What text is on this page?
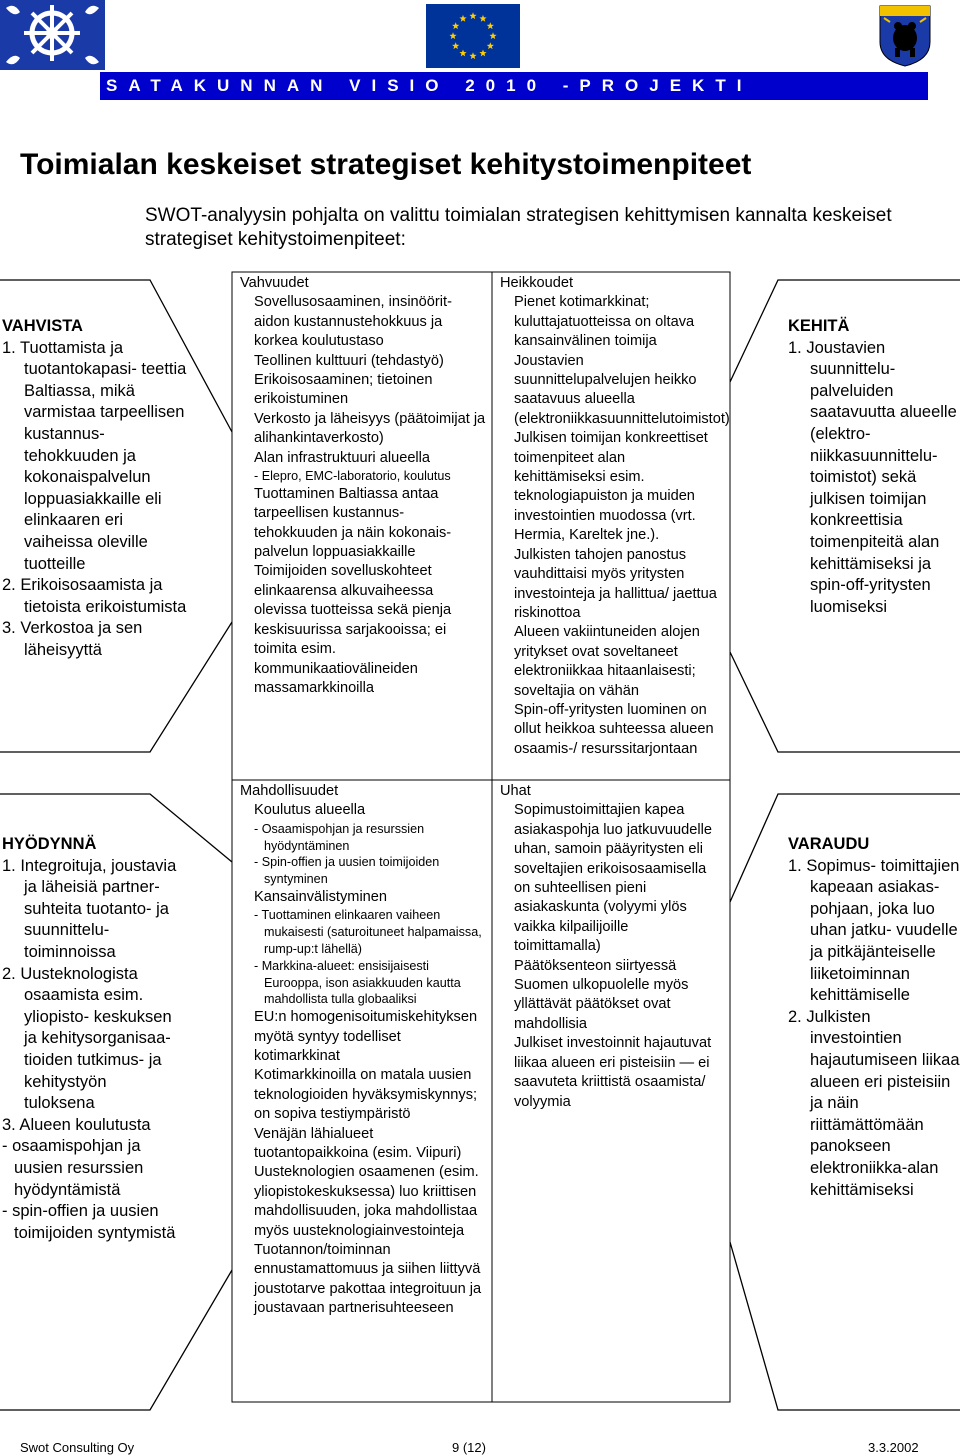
SATAKUNNAN VISIO 2010 -PROJEKTI
Toimialan keskeiset strategiset kehitystoimenpiteet
SWOT-analyysin pohjalta on valittu toimialan strategisen kehittymisen kannalta keskeiset strategiset kehitystoimenpiteet:
VAHVISTA
1. Tuottamista ja tuotantokapasi- teettia Baltiassa, mikä varmistaa tarpeellisen kustannus- tehokkuuden ja kokonaispalvelun loppuasiakkaille eli elinkaaren eri vaiheissa oleville tuotteille
2. Erikoisosaamista ja tietoista erikoistumista
3. Verkostoa ja sen läheisyyttä
HYÖDYNNÄ
1. Integroituja, joustavia ja läheisiä partner- suhteita tuotanto- ja suunnittelu- toiminnoissa
2. Uusteknologista osaamista esim. yliopisto- keskuksen ja kehitysorganisaa- tioiden tutkimus- ja kehitystyön tuloksena
3. Alueen koulutusta
- osaamispohjan ja uusien resurssien hyödyntämistä
- spin-offien ja uusien toimijoiden syntymistä
KEHITÄ
1. Joustavien suunnittelu- palveluiden saatavuutta alueelle (elektro- niikkasuunnittelu- toimistot) sekä julkisen toimijan konkreettisia toimenpiteitä alan kehittämiseksi ja spin-off-yritysten luomiseksi
VARAUDU
1. Sopimus- toimittajien kapeaan asiakas- pohjaan, joka luo uhan jatku- vuudelle ja pitkäjänteiselle liiketoiminnan kehittämiselle
2. Julkisten investointien hajautumiseen liikaa alueen eri pisteisiin ja näin riittämättömään panokseen elektroniikka-alan kehittämiseksi
Vahvuudet
Sovellusosaaminen, insinöörit- aidon kustannustehokkuus ja korkea koulutustaso
Teollinen kulttuuri (tehdastyö)
Erikoisosaaminen; tietoinen erikoistuminen
Verkosto ja läheisyys (päätoimijat ja alihankintaverkosto)
Alan infrastruktuuri alueella
- Elepro, EMC-laboratorio, koulutus
Tuottaminen Baltiassa antaa tarpeellisen kustannus- tehokkuuden ja näin kokonais- palvelun loppuasiakkaille
Toimijoiden sovelluskohteet elinkaarensa alkuvaiheessa olevissa tuotteissa sekä pienja keskisuurissa sarjakooissa; ei toimita esim. kommunikaatiovälineiden massamarkkinoilla
Heikkoudet
Pienet kotimarkkinat; kuluttajatuotteissa on oltava kansainvälinen toimija
Joustavien suunnittelupalvelujen heikko saatavuus alueella (elektroniikkasuunnittelutoimistot)
Julkisen toimijan konkreettiset toimenpiteet alan kehittämiseksi esim. teknologiapuiston ja muiden investointien muodossa (vrt. Hermia, Kareltek jne.).
Julkisten tahojen panostus vauhdittaisi myös yritysten investointeja ja hallittua/ jaettua riskinottoa
Alueen vakiintuneiden alojen yritykset ovat soveltaneet elektroniikkaa hitaanlaisesti; soveltajia on vähän
Spin-off-yritysten luominen on ollut heikkoa suhteessa alueen osaamis-/ resurssitarjontaan
Mahdollisuudet
Koulutus alueella
- Osaamispohjan ja resurssien hyödyntäminen
- Spin-offien ja uusien toimijoiden syntyminen
Kansainvälistyminen
- Tuottaminen elinkaaren vaiheen mukaisesti (saturoituneet halpamaissa, rump-up:t lähellä)
- Markkina-alueet: ensisijaisesti Eurooppa, ison asiakkuuden kautta mahdollista tulla globaaliksi
EU:n homogenisoitumiskehityksen myötä syntyy todelliset kotimarkkinat
Kotimarkkinoilla on matala uusien teknologioiden hyväksymiskynnys; on sopiva testiympäristö
Venäjän lähialueet tuotantopaikkoina (esim. Viipuri)
Uusteknologien osaamenen (esim. yliopistokeskuksessa) luo kriittisen mahdollisuuden, joka mahdollistaa myös uusteknologiainvestointeja
Tuotannon/toiminnan ennustamattomuus ja siihen liittyvä joustotarve pakottaa integroituun ja joustavaan partnerisuhteeseen
Uhat
Sopimustoimittajien kapea asiakaspohja luo jatkuvuudelle uhan, samoin pääyritysten eli soveltajien erikoisosaamisella on suhteellisen pieni asiakaskunta (volyymi ylös vaikka kilpailijoille toimittamalla)
Päätöksenteon siirtyessä Suomen ulkopuolelle myös yllättävät päätökset ovat mahdollisia
Julkiset investoinnit hajautuvat liikaa alueen eri pisteisiin — ei saavuteta kriittistä osaamista/ volyymia
Swot Consulting Oy	9 (12)	3.3.2002
